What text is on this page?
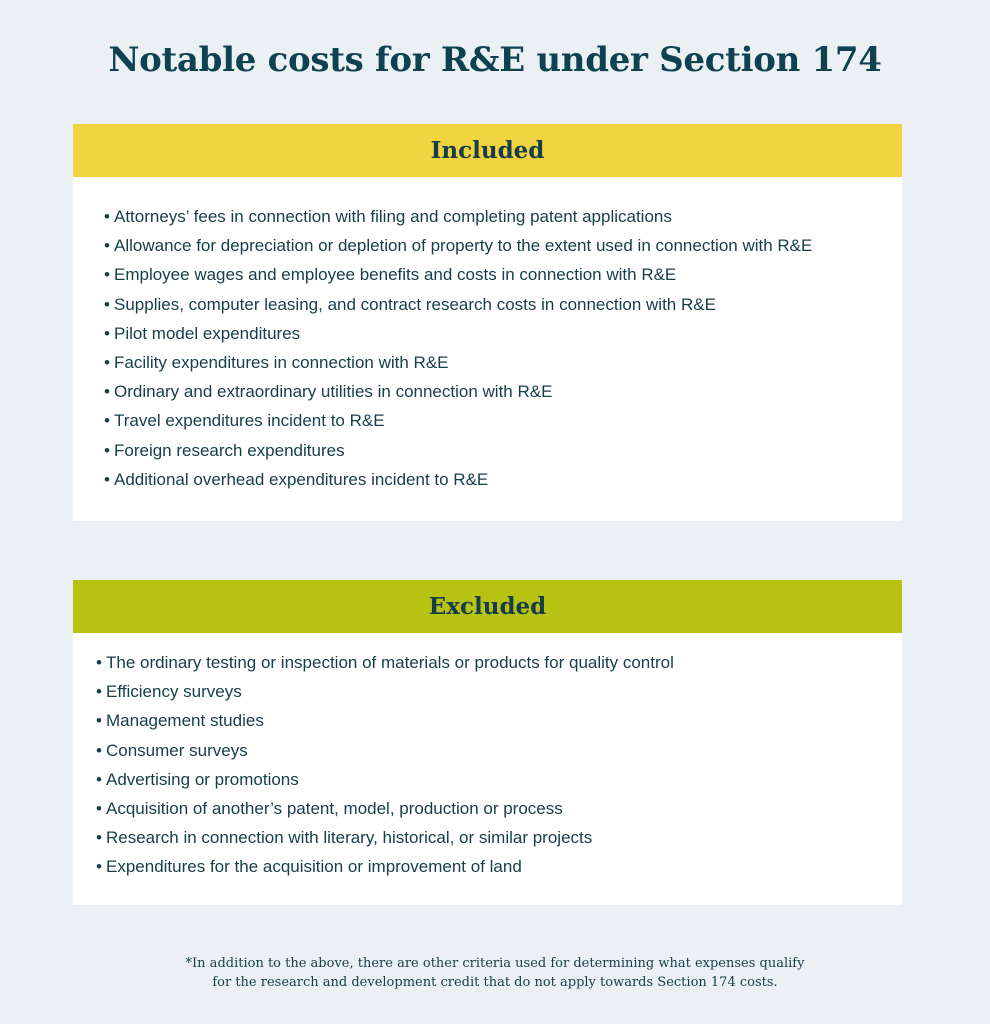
Notable costs for R&E under Section 174
Included
• Attorneys’ fees in connection with filing and completing patent applications
• Allowance for depreciation or depletion of property to the extent used in connection with R&E
• Employee wages and employee benefits and costs in connection with R&E
• Supplies, computer leasing, and contract research costs in connection with R&E
• Pilot model expenditures
• Facility expenditures in connection with R&E
• Ordinary and extraordinary utilities in connection with R&E
• Travel expenditures incident to R&E
• Foreign research expenditures
• Additional overhead expenditures incident to R&E
Excluded
• The ordinary testing or inspection of materials or products for quality control
• Efficiency surveys
• Management studies
• Consumer surveys
• Advertising or promotions
• Acquisition of another’s patent, model, production or process
• Research in connection with literary, historical, or similar projects
• Expenditures for the acquisition or improvement of land
*In addition to the above, there are other criteria used for determining what expenses qualify
for the research and development credit that do not apply towards Section 174 costs.
